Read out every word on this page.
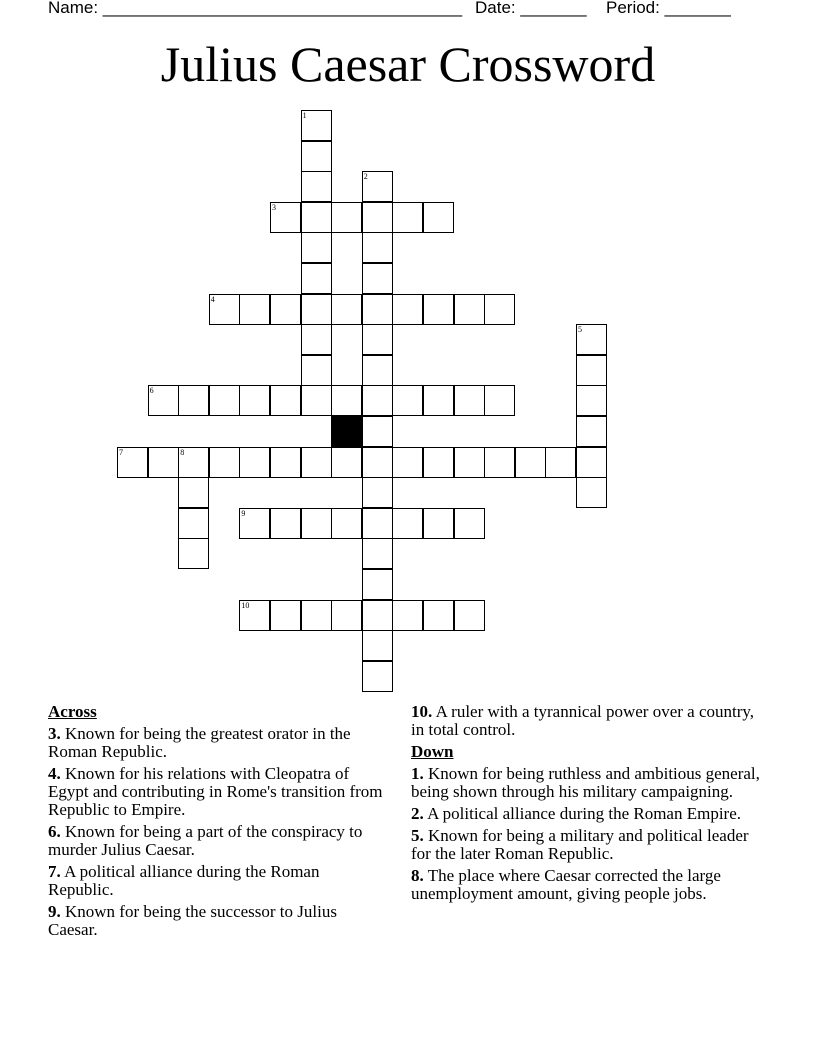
Name: ______________________________________ Date: _______ Period: _______
Julius Caesar Crossword
1
2
3
4
5
6
7	8
9
10
Across
3. Known for being the greatest orator in the Roman Republic.
4. Known for his relations with Cleopatra of Egypt and contributing in Rome's transition from Republic to Empire.
6. Known for being a part of the conspiracy to murder Julius Caesar.
7. A political alliance during the Roman Republic.
9. Known for being the successor to Julius Caesar.
10. A ruler with a tyrannical power over a country, in total control.
Down
1. Known for being ruthless and ambitious general, being shown through his military campaigning.
2. A political alliance during the Roman Empire.
5. Known for being a military and political leader for the later Roman Republic.
8. The place where Caesar corrected the large unemployment amount, giving people jobs.
